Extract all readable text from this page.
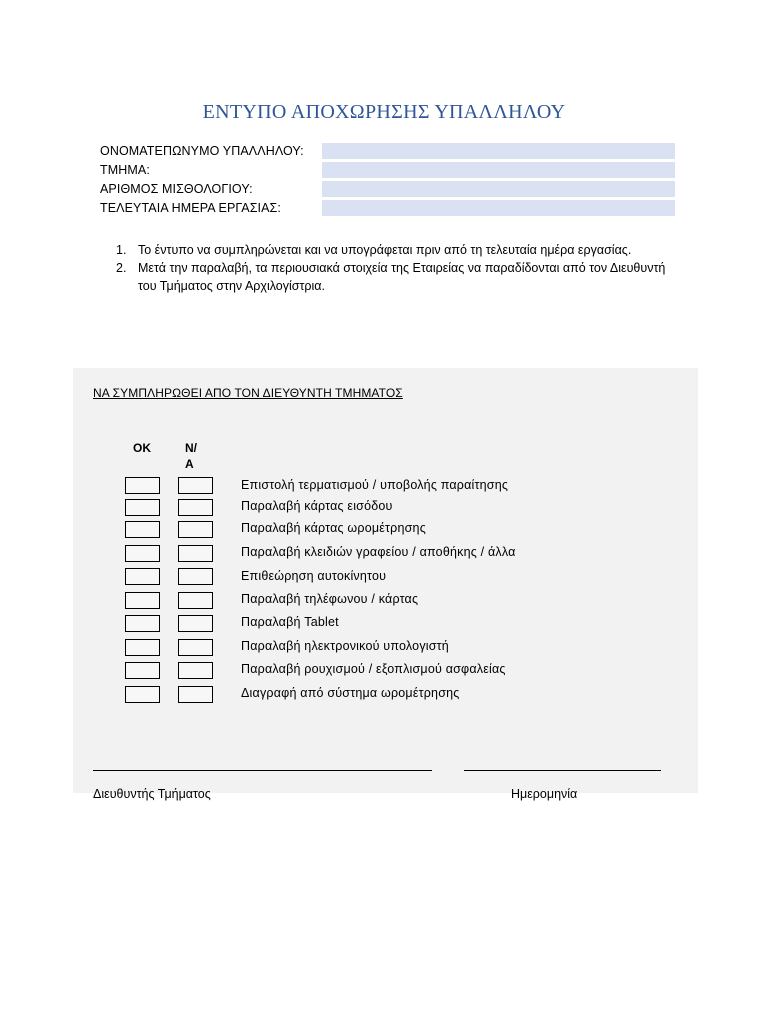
ΕΝΤΥΠΟ ΑΠΟΧΩΡΗΣΗΣ ΥΠΑΛΛΗΛΟΥ
ΟΝΟΜΑΤΕΠΩΝΥΜΟ ΥΠΑΛΛΗΛΟΥ:
ΤΜΗΜΑ:
ΑΡΙΘΜΟΣ ΜΙΣΘΟΛΟΓΙΟΥ:
ΤΕΛΕΥΤΑΙΑ ΗΜΕΡΑ ΕΡΓΑΣΙΑΣ:
1. Το έντυπο να συμπληρώνεται και να υπογράφεται πριν από τη τελευταία ημέρα εργασίας.
2. Μετά την παραλαβή, τα περιουσιακά στοιχεία της Εταιρείας να παραδίδονται από τον Διευθυντή του Τμήματος στην Αρχιλογίστρια.
ΝΑ ΣΥΜΠΛΗΡΩΘΕΙ ΑΠΟ ΤΟΝ ΔΙΕΥΘΥΝΤΗ ΤΜΗΜΑΤΟΣ
ΟΚ	N/
A
Επιστολή τερματισμού / υποβολής παραίτησης
Παραλαβή κάρτας εισόδου
Παραλαβή κάρτας ωρομέτρησης
Παραλαβή κλειδιών γραφείου / αποθήκης / άλλα
Επιθεώρηση αυτοκίνητου
Παραλαβή τηλέφωνου / κάρτας
Παραλαβή Tablet
Παραλαβή ηλεκτρονικού υπολογιστή
Παραλαβή ρουχισμού / εξοπλισμού ασφαλείας
Διαγραφή από σύστημα ωρομέτρησης
Διευθυντής Τμήματος	Ημερομηνία
